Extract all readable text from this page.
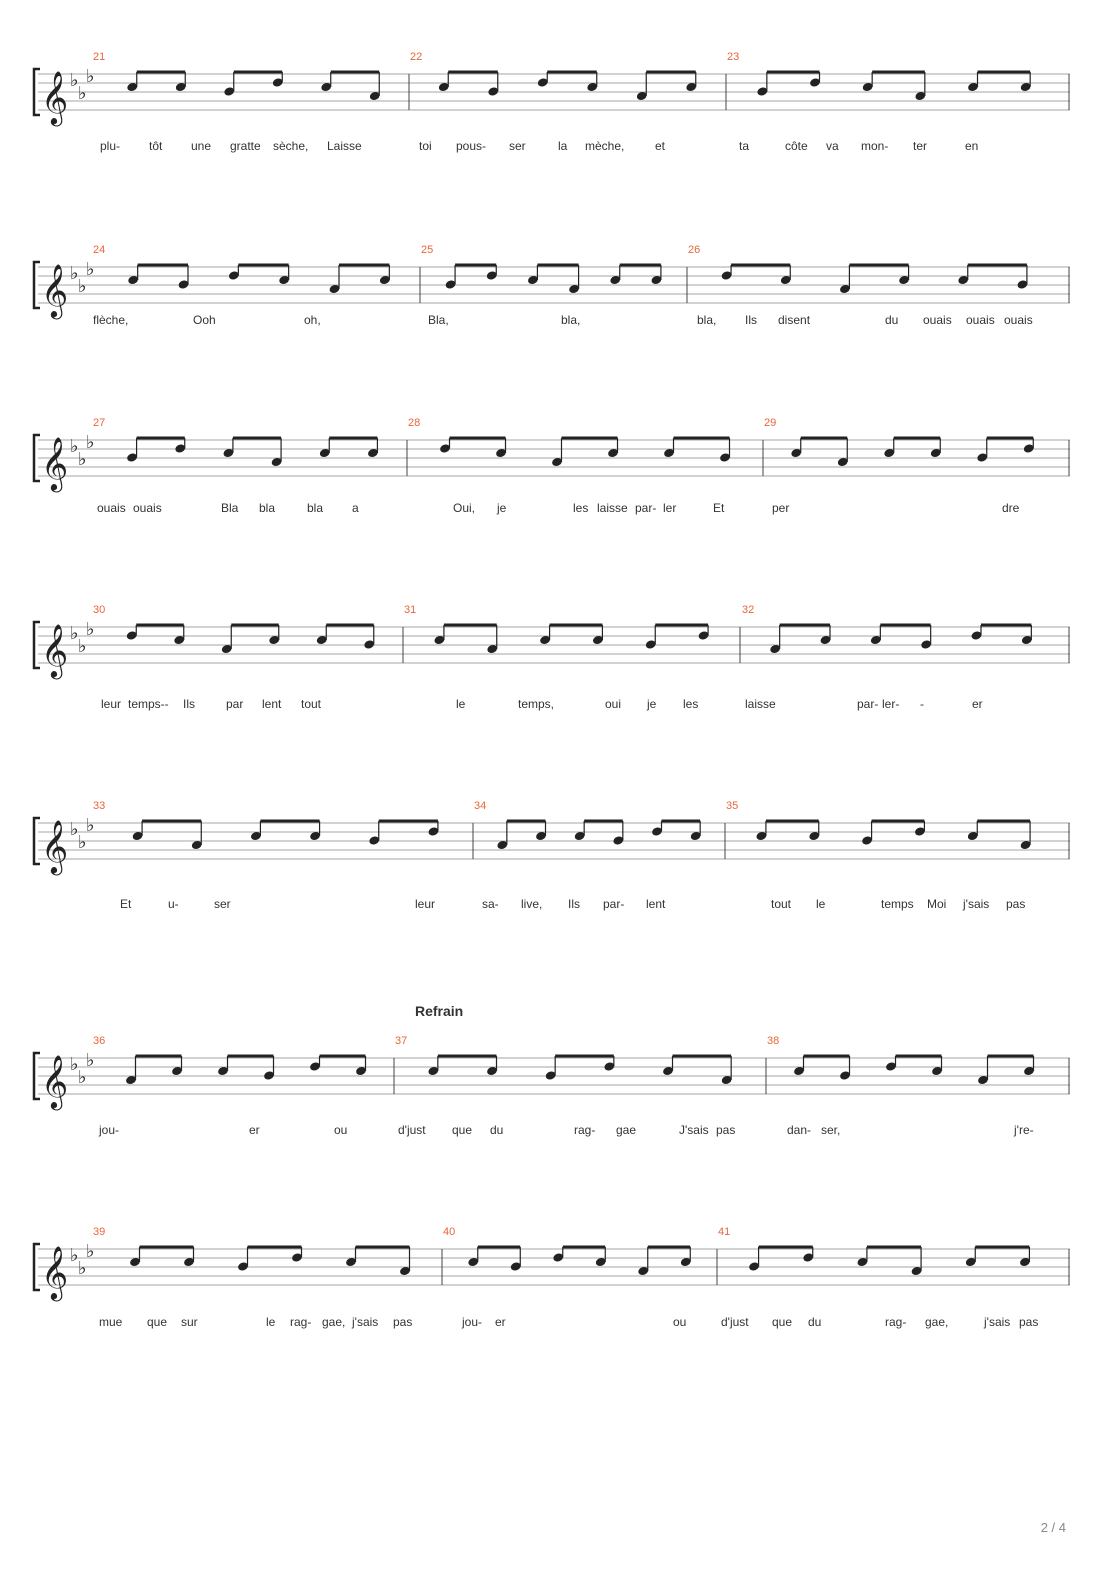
𝄞 ♭
♭
♭
21	22	23
plu- tôt une gratte sèche, Laisse	toi pous- ser	la mèche,	et	ta	côte va mon- ter	en
𝄞 ♭
♭
♭
24	25	26
flèche,	Ooh	oh,	Bla,	bla,	bla, Ils disent	du ouais ouais ouais
𝄞 ♭
♭
♭
27	28	29
ouais ouais	Bla bla	bla a	Oui, je	les laisse par- ler	Et	per	dre
𝄞 ♭
♭
♭
30	31	32
leur temps-- Ils	par lent tout	le	temps,	oui je les	laisse	par- ler- -	er
𝄞 ♭
♭
♭
33	34	35
Et	u-	ser	leur	sa- live, Ils par- lent	tout le	temps Moi j'sais pas
𝄞 ♭
♭
♭
36	37	38
jou-	er	ou	d'just que du	rag- gae	J'sais pas	dan- ser,	j're-
𝄞 ♭
♭
♭
39	40	41
mue que sur	le rag- gae, j'sais pas	jou- er	ou	d'just que du	rag- gae,	j'sais pas
Refrain
2 / 4
